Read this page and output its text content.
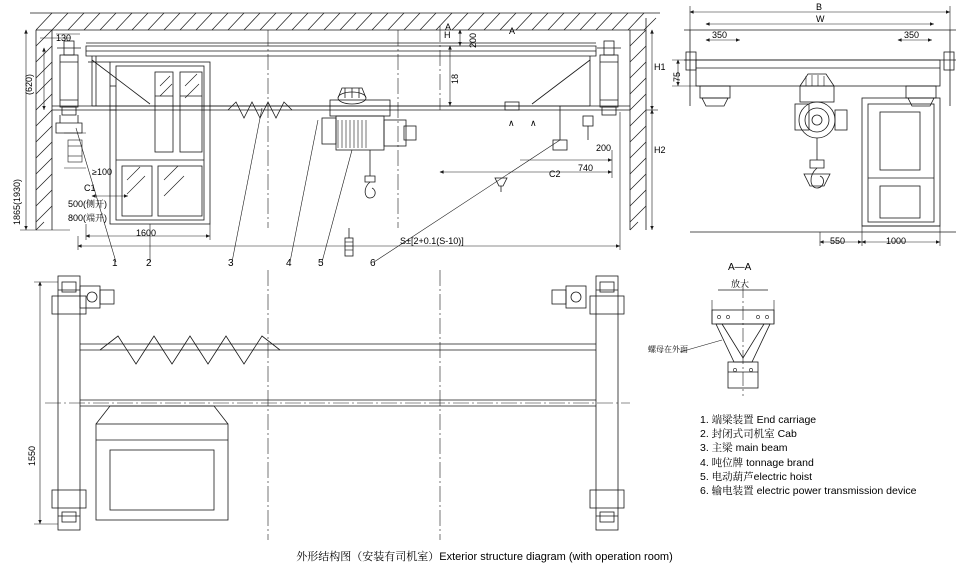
130
(620)
1865(1930)
≥100
C1
500(侧开)
800(端开)
1600
H1
H2
H 200
18
740
200
C2
S±[2+0.1(S-10)]
A
A
∧ ∧
1	2	3	4	5	6
B
W
350	350
75
550	1000
A—A
放大
螺母在外面
1550
1. 端梁装置 End carriage
2. 封闭式司机室 Cab
3. 主梁 main beam
4. 吨位牌 tonnage brand
5. 电动葫芦electric hoist
6. 输电装置 electric power transmission device
外形结构图（安装有司机室）Exterior structure diagram (with operation room)
